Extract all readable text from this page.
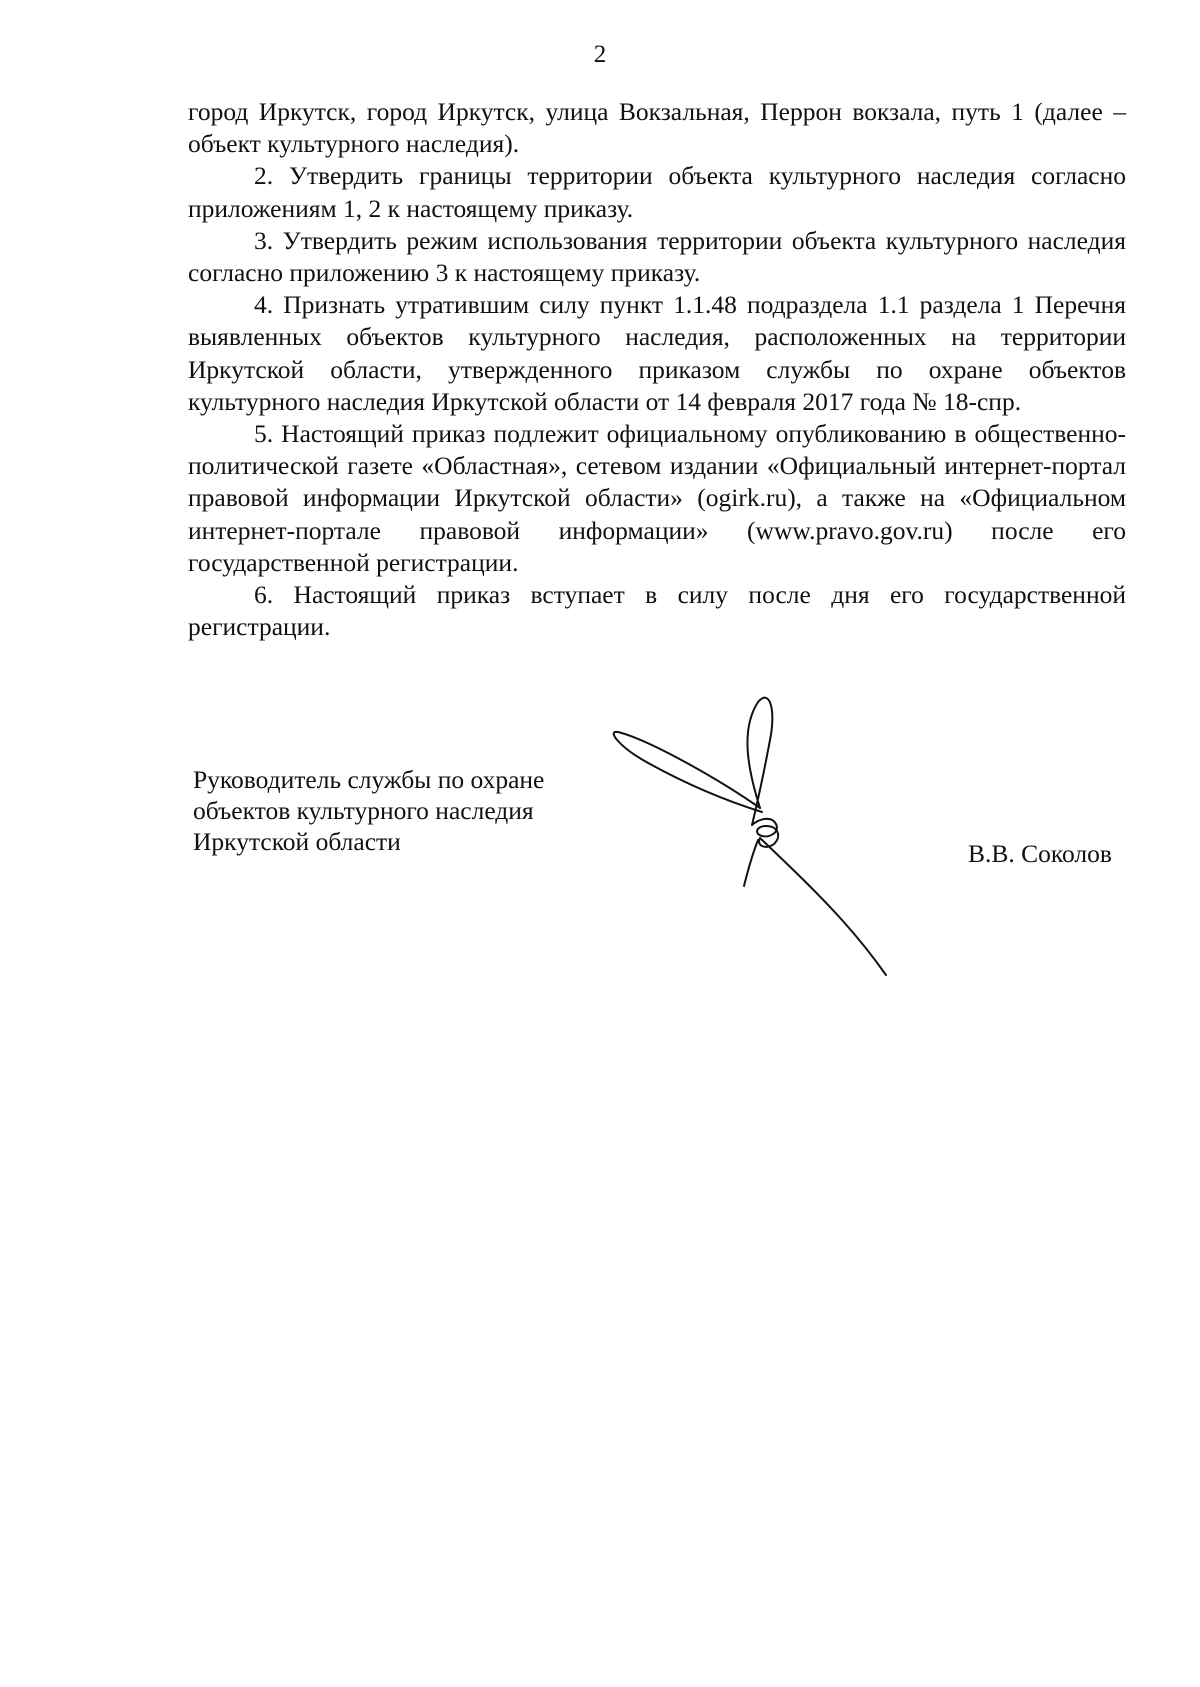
2

город Иркутск, город Иркутск, улица Вокзальная, Перрон вокзала, путь 1 (далее – объект культурного наследия).

2. Утвердить границы территории объекта культурного наследия согласно приложениям 1, 2 к настоящему приказу.

3. Утвердить режим использования территории объекта культурного наследия согласно приложению 3 к настоящему приказу.

4. Признать утратившим силу пункт 1.1.48 подраздела 1.1 раздела 1 Перечня выявленных объектов культурного наследия, расположенных на территории Иркутской области, утвержденного приказом службы по охране объектов культурного наследия Иркутской области от 14 февраля 2017 года № 18-спр.

5. Настоящий приказ подлежит официальному опубликованию в общественно-политической газете «Областная», сетевом издании «Официальный интернет-портал правовой информации Иркутской области» (ogirk.ru), а также на «Официальном интернет-портале правовой информации» (www.pravo.gov.ru) после его государственной регистрации.

6. Настоящий приказ вступает в силу после дня его государственной регистрации.

Руководитель службы по охране
объектов культурного наследия
Иркутской области	В.В. Соколов
